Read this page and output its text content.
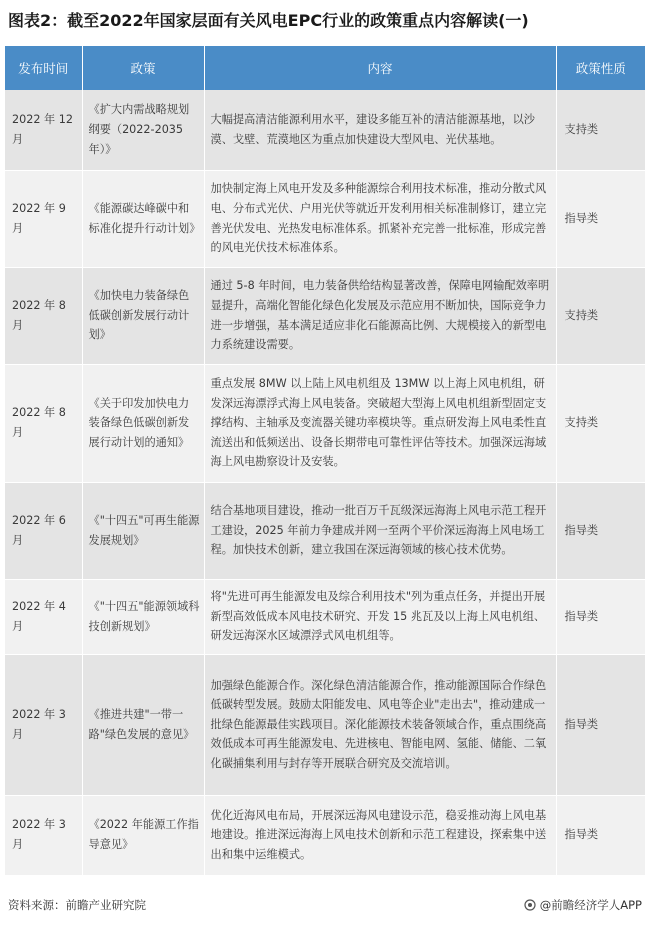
图表2：截至2022年国家层面有关风电EPC行业的政策重点内容解读(一)
发布时间	政策	内容	政策性质
2022 年 12 月	《扩大内需战略规划纲要（2022-2035年）》	大幅提高清洁能源利用水平，建设多能互补的清洁能源基地，以沙漠、戈壁、荒漠地区为重点加快建设大型风电、光伏基地。	支持类
2022 年 9 月	《能源碳达峰碳中和标准化提升行动计划》	加快制定海上风电开发及多种能源综合利用技术标准，推动分散式风电、分布式光伏、户用光伏等就近开发利用相关标准制修订，建立完善光伏发电、光热发电标准体系。抓紧补充完善一批标准，形成完善的风电光伏技术标准体系。	指导类
2022 年 8 月	《加快电力装备绿色低碳创新发展行动计划》	通过 5-8 年时间，电力装备供给结构显著改善，保障电网输配效率明显提升，高端化智能化绿色化发展及示范应用不断加快，国际竞争力进一步增强，基本满足适应非化石能源高比例、大规模接入的新型电力系统建设需要。	支持类
2022 年 8 月	《关于印发加快电力装备绿色低碳创新发展行动计划的通知》	重点发展 8MW 以上陆上风电机组及 13MW 以上海上风电机组，研发深远海漂浮式海上风电装备。突破超大型海上风电机组新型固定支撑结构、主轴承及变流器关键功率模块等。重点研发海上风电柔性直流送出和低频送出、设备长期带电可靠性评估等技术。加强深远海域海上风电勘察设计及安装。	支持类
2022 年 6 月	《"十四五"可再生能源发展规划》	结合基地项目建设，推动一批百万千瓦级深远海海上风电示范工程开工建设，2025 年前力争建成并网一至两个平价深远海海上风电场工程。加快技术创新，建立我国在深远海领域的核心技术优势。	指导类
2022 年 4 月	《"十四五"能源领域科技创新规划》	将"先进可再生能源发电及综合利用技术"列为重点任务，并提出开展新型高效低成本风电技术研究、开发 15 兆瓦及以上海上风电机组、研发远海深水区域漂浮式风电机组等。	指导类
2022 年 3 月	《推进共建"一带一路"绿色发展的意见》	加强绿色能源合作。深化绿色清洁能源合作，推动能源国际合作绿色低碳转型发展。鼓励太阳能发电、风电等企业"走出去"，推动建成一批绿色能源最佳实践项目。深化能源技术装备领域合作，重点围绕高效低成本可再生能源发电、先进核电、智能电网、氢能、储能、二氧化碳捕集利用与封存等开展联合研究及交流培训。	指导类
2022 年 3 月	《2022 年能源工作指导意见》	优化近海风电布局，开展深远海风电建设示范，稳妥推动海上风电基地建设。推进深远海海上风电技术创新和示范工程建设，探索集中送出和集中运维模式。	指导类
资料来源：前瞻产业研究院	@前瞻经济学人APP
